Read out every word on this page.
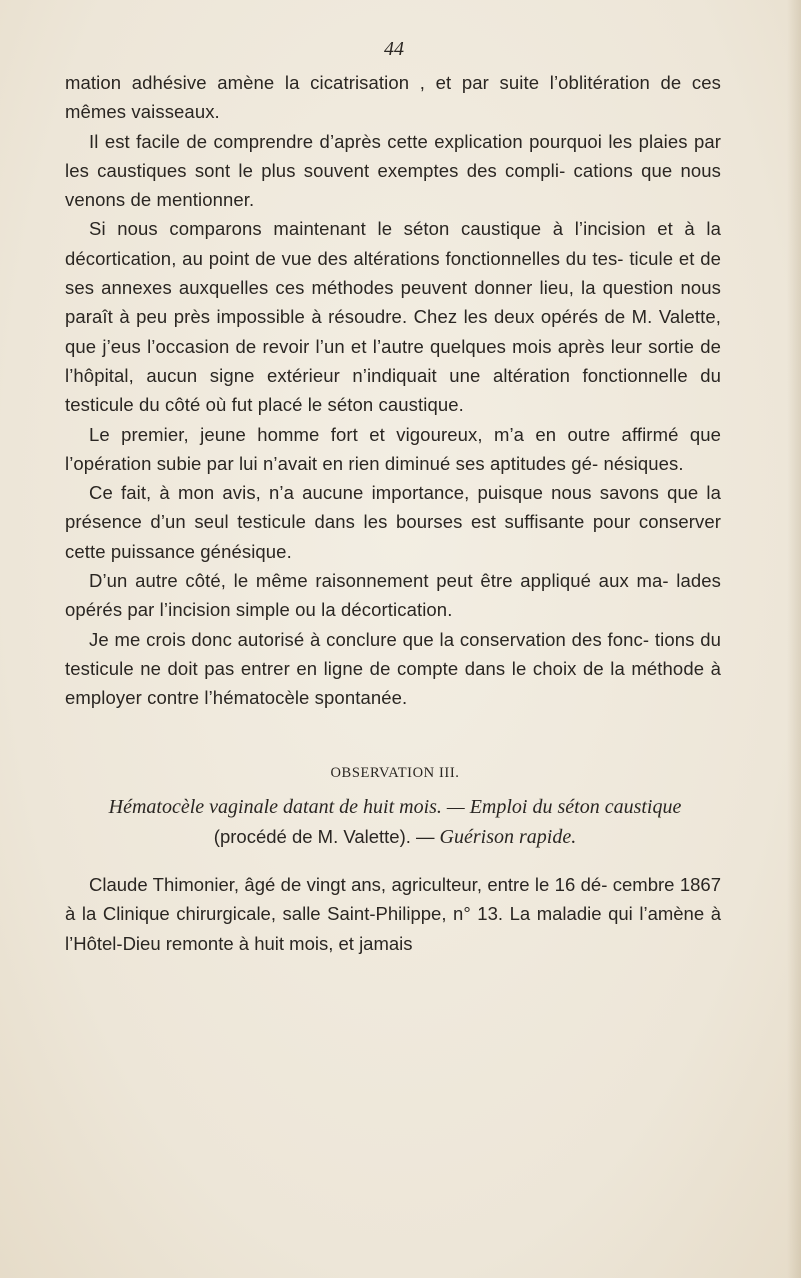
44

mation adhésive amène la cicatrisation , et par suite l’oblitération de ces mêmes vaisseaux.

Il est facile de comprendre d’après cette explication pourquoi les plaies par les caustiques sont le plus souvent exemptes des compli- cations que nous venons de mentionner.

Si nous comparons maintenant le séton caustique à l’incision et à la décortication, au point de vue des altérations fonctionnelles du tes- ticule et de ses annexes auxquelles ces méthodes peuvent donner lieu, la question nous paraît à peu près impossible à résoudre. Chez les deux opérés de M. Valette, que j’eus l’occasion de revoir l’un et l’autre quelques mois après leur sortie de l’hôpital, aucun signe extérieur n’indiquait une altération fonctionnelle du testicule du côté où fut placé le séton caustique.

Le premier, jeune homme fort et vigoureux, m’a en outre affirmé que l’opération subie par lui n’avait en rien diminué ses aptitudes gé- nésiques.

Ce fait, à mon avis, n’a aucune importance, puisque nous savons que la présence d’un seul testicule dans les bourses est suffisante pour conserver cette puissance génésique.

D’un autre côté, le même raisonnement peut être appliqué aux ma- lades opérés par l’incision simple ou la décortication.

Je me crois donc autorisé à conclure que la conservation des fonc- tions du testicule ne doit pas entrer en ligne de compte dans le choix de la méthode à employer contre l’hématocèle spontanée.

OBSERVATION III.

Hématocèle vaginale datant de huit mois. — Emploi du séton caustique

(procédé de M. Valette). — Guérison rapide.

Claude Thimonier, âgé de vingt ans, agriculteur, entre le 16 dé- cembre 1867 à la Clinique chirurgicale, salle Saint-Philippe, n° 13. La maladie qui l’amène à l’Hôtel-Dieu remonte à huit mois, et jamais
